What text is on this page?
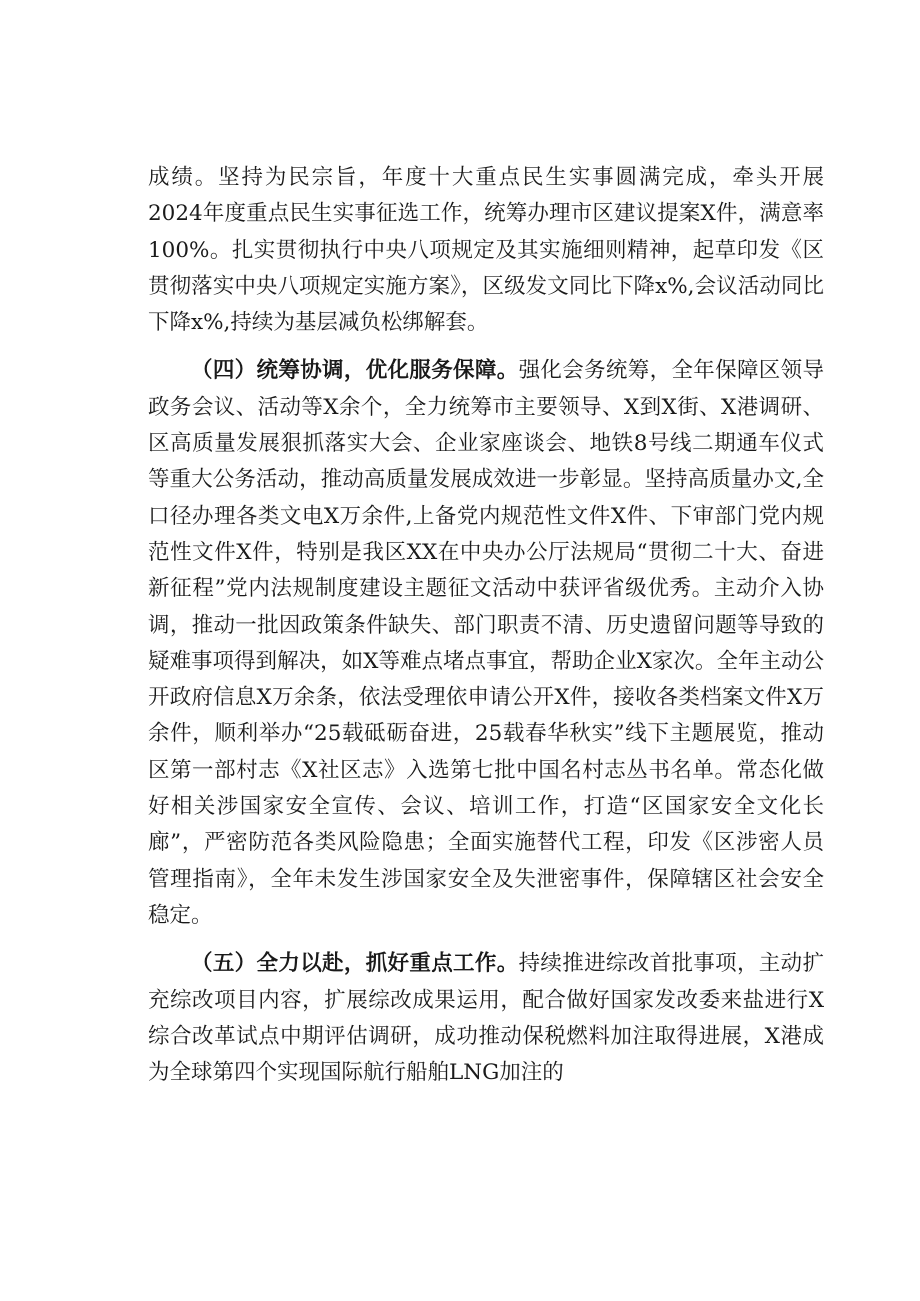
成绩。坚持为民宗旨，年度十大重点民生实事圆满完成，牵头开展2024年度重点民生实事征选工作，统筹办理市区建议提案X件，满意率100%。扎实贯彻执行中央八项规定及其实施细则精神，起草印发《区贯彻落实中央八项规定实施方案》，区级发文同比下降x%,会议活动同比下降x%,持续为基层减负松绑解套。

（四）统筹协调，优化服务保障。强化会务统筹，全年保障区领导政务会议、活动等X余个，全力统筹市主要领导、X到X街、X港调研、区高质量发展狠抓落实大会、企业家座谈会、地铁8号线二期通车仪式等重大公务活动，推动高质量发展成效进一步彰显。坚持高质量办文,全口径办理各类文电X万余件,上备党内规范性文件X件、下审部门党内规范性文件X件，特别是我区XX在中央办公厅法规局“贯彻二十大、奋进新征程”党内法规制度建设主题征文活动中获评省级优秀。主动介入协调，推动一批因政策条件缺失、部门职责不清、历史遗留问题等导致的疑难事项得到解决，如X等难点堵点事宜，帮助企业X家次。全年主动公开政府信息X万余条，依法受理依申请公开X件，接收各类档案文件X万余件，顺利举办“25载砥砺奋进，25载春华秋实”线下主题展览，推动区第一部村志《X社区志》入选第七批中国名村志丛书名单。常态化做好相关涉国家安全宣传、会议、培训工作，打造“区国家安全文化长廊”，严密防范各类风险隐患；全面实施替代工程，印发《区涉密人员管理指南》，全年未发生涉国家安全及失泄密事件，保障辖区社会安全稳定。

（五）全力以赴，抓好重点工作。持续推进综改首批事项，主动扩充综改项目内容，扩展综改成果运用，配合做好国家发改委来盐进行X综合改革试点中期评估调研，成功推动保税燃料加注取得进展，X港成为全球第四个实现国际航行船舶LNG加注的
